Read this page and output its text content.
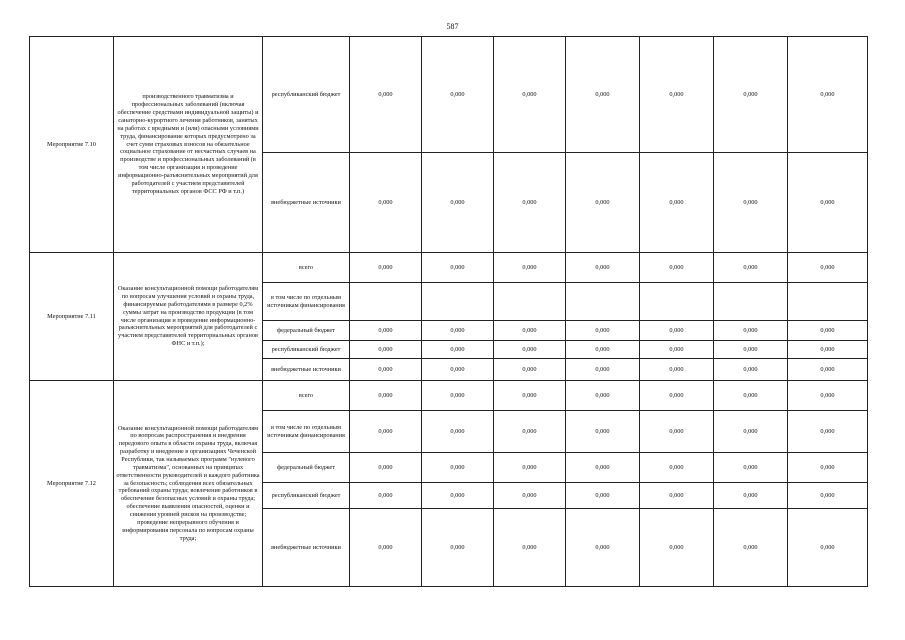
587
Мероприятие 7.10	производственного травматизма и профессиональных заболеваний (включая обеспечение средствами индивидуальной защиты) и санаторно-курортного лечения работников, занятых на работах с вредными и (или) опасными условиями труда, финансирование которых предусмотрено за счет сумм страховых взносов на обязательное социальное страхование от несчастных случаев на производстве и профессиональных заболеваний (в том числе организация и проведение информационно-разъяснительных мероприятий для работодателей с участием представителей территориальных органов ФСС РФ и т.п.)	республиканский бюджет	0,000	0,000	0,000	0,000	0,000	0,000	0,000
		внебюджетные источники	0,000	0,000	0,000	0,000	0,000	0,000	0,000
Мероприятие 7.11	Оказание консультационной помощи работодателям по вопросам улучшения условий и охраны труда, финансируемые работодателями в размере 0,2% суммы затрат на производство продукции (в том числе организация и проведение информационно-разъяснительных мероприятий для работодателей с участием представителей территориальных органов ФНС и т.п.);	всего	0,000	0,000	0,000	0,000	0,000	0,000	0,000
		в том числе по отдельным источникам финансирования							
		федеральный бюджет	0,000	0,000	0,000	0,000	0,000	0,000	0,000
		республиканский бюджет	0,000	0,000	0,000	0,000	0,000	0,000	0,000
		внебюджетные источники	0,000	0,000	0,000	0,000	0,000	0,000	0,000
Мероприятие 7.12	Оказание консультационной помощи работодателям по вопросам распространения и внедрения передового опыта в области охраны труда, включая разработку и внедрение в организациях Чеченской Республики, так называемых программ "нулевого травматизма", основанных на принципах ответственности руководителей и каждого работника за безопасность; соблюдения всех обязательных требований охраны труда; вовлечение работников в обеспечение безопасных условий и охраны труда; обеспечение выявления опасностей, оценки и снижения уровней рисков на производстве; проведение непрерывного обучения и информирования персонала по вопросам охраны труда;	всего	0,000	0,000	0,000	0,000	0,000	0,000	0,000
		в том числе по отдельным источникам финансирования	0,000	0,000	0,000	0,000	0,000	0,000	0,000
		федеральный бюджет	0,000	0,000	0,000	0,000	0,000	0,000	0,000
		республиканский бюджет	0,000	0,000	0,000	0,000	0,000	0,000	0,000
		внебюджетные источники	0,000	0,000	0,000	0,000	0,000	0,000	0,000
